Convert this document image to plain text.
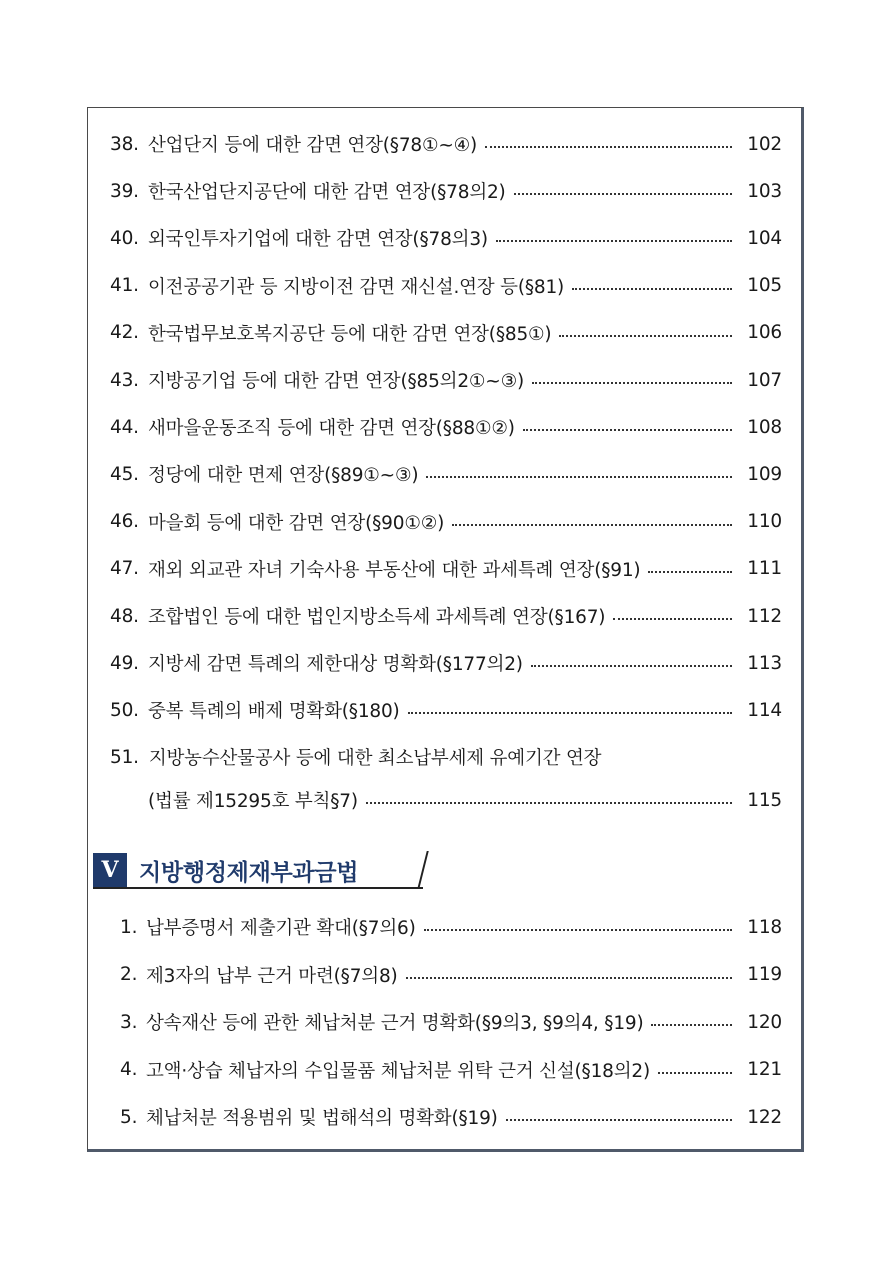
38. 산업단지 등에 대한 감면 연장(§78①~④)	102
39. 한국산업단지공단에 대한 감면 연장(§78의2)	103
40. 외국인투자기업에 대한 감면 연장(§78의3)	104
41. 이전공공기관 등 지방이전 감면 재신설.연장 등(§81)	105
42. 한국법무보호복지공단 등에 대한 감면 연장(§85①)	106
43. 지방공기업 등에 대한 감면 연장(§85의2①~③)	107
44. 새마을운동조직 등에 대한 감면 연장(§88①②)	108
45. 정당에 대한 면제 연장(§89①~③)	109
46. 마을회 등에 대한 감면 연장(§90①②)	110
47. 재외 외교관 자녀 기숙사용 부동산에 대한 과세특례 연장(§91)	111
48. 조합법인 등에 대한 법인지방소득세 과세특례 연장(§167)	112
49. 지방세 감면 특례의 제한대상 명확화(§177의2)	113
50. 중복 특례의 배제 명확화(§180)	114
51. 지방농수산물공사 등에 대한 최소납부세제 유예기간 연장
(법률 제15295호 부칙§7)	115
V 지방행정제재부과금법
1. 납부증명서 제출기관 확대(§7의6)	118
2. 제3자의 납부 근거 마련(§7의8)	119
3. 상속재산 등에 관한 체납처분 근거 명확화(§9의3, §9의4, §19)	120
4. 고액·상습 체납자의 수입물품 체납처분 위탁 근거 신설(§18의2)	121
5. 체납처분 적용범위 및 법해석의 명확화(§19)	122
